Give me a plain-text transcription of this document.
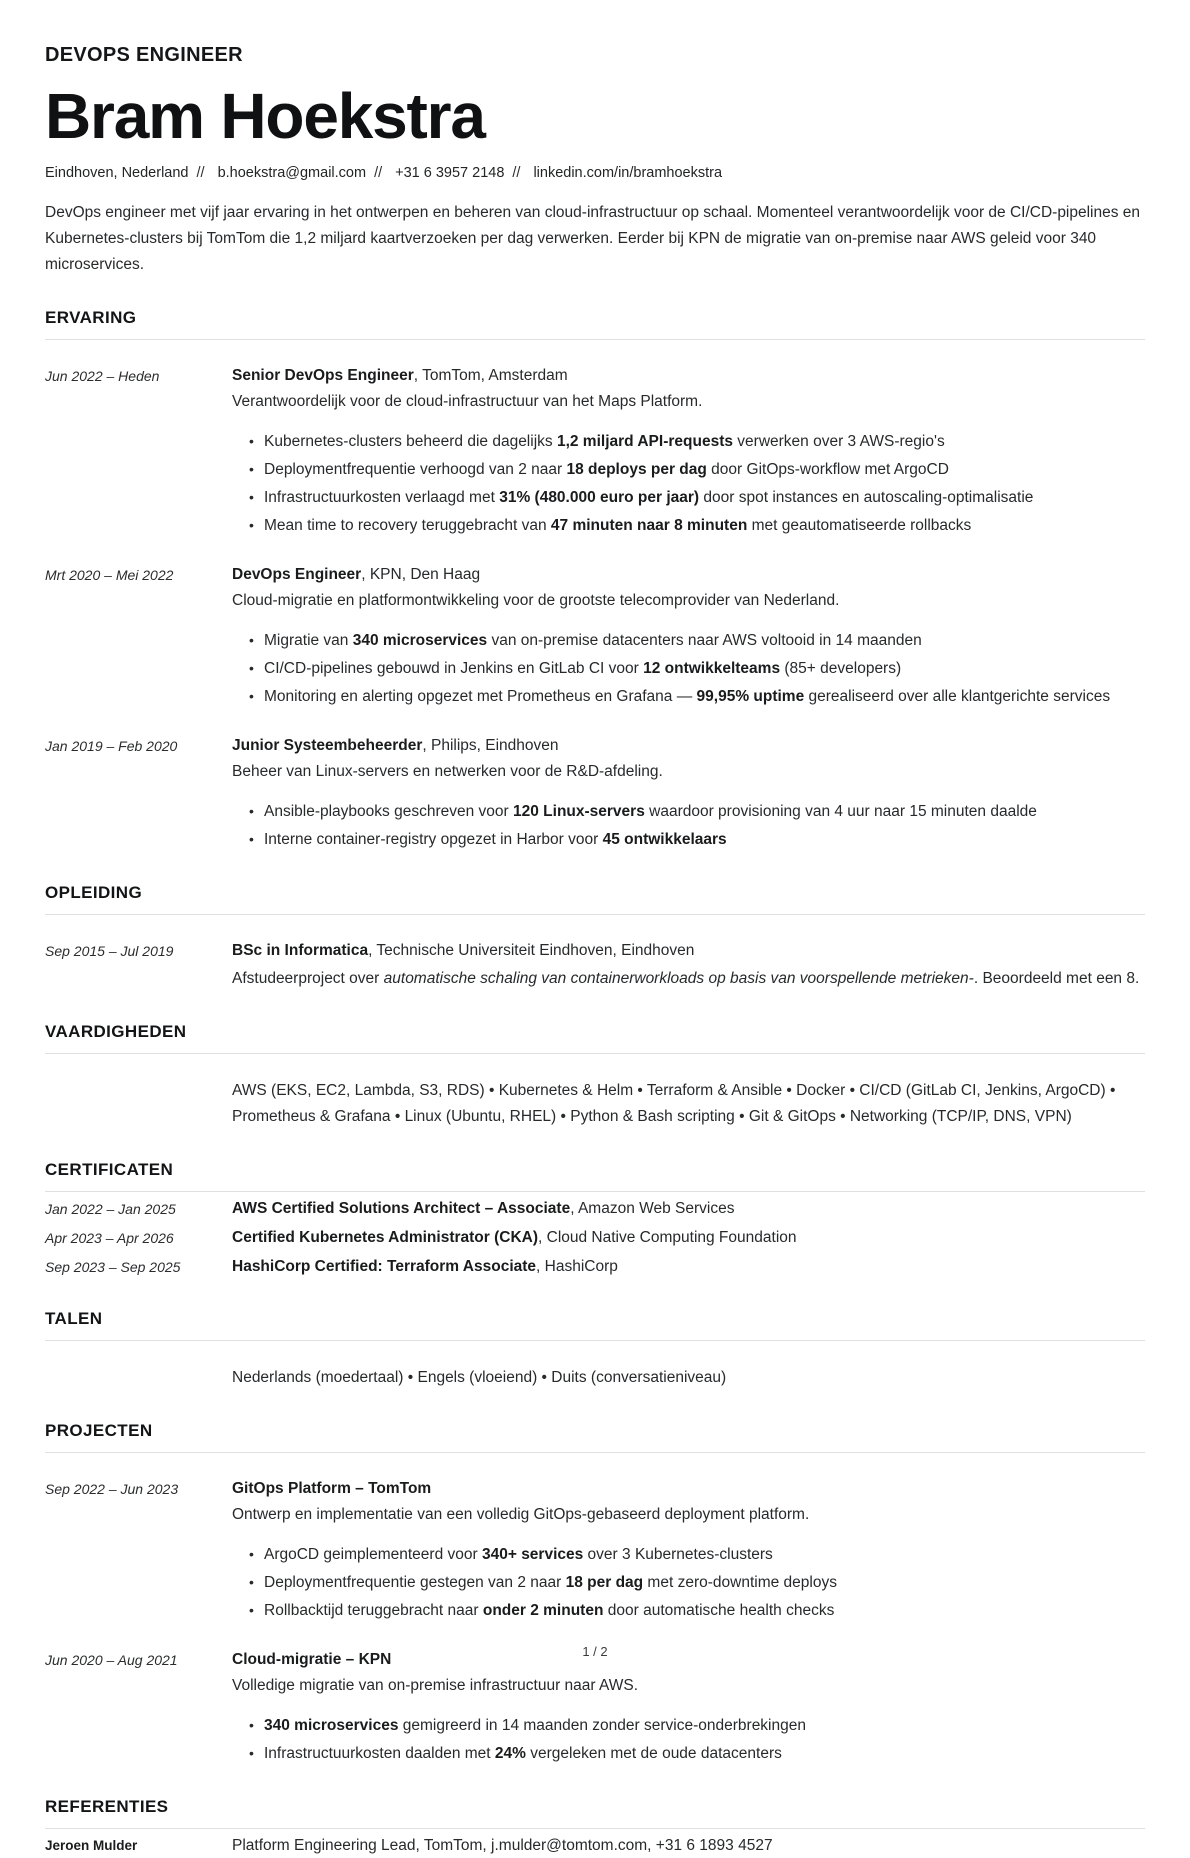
DEVOPS ENGINEER
Bram Hoekstra
Eindhoven, Nederland // b.hoekstra@gmail.com // +31 6 3957 2148 // linkedin.com/in/bramhoekstra

DevOps engineer met vijf jaar ervaring in het ontwerpen en beheren van cloud-infrastructuur op schaal. Momenteel verantwoordelijk voor de CI/CD-pipelines en Kubernetes-clusters bij TomTom die 1,2 miljard kaartverzoeken per dag verwerken. Eerder bij KPN de migratie van on-premise naar AWS geleid voor 340 microservices.

ERVARING
Jun 2022 – Heden	Senior DevOps Engineer, TomTom, Amsterdam

Verantwoordelijk voor de cloud-infrastructuur van het Maps Platform.

• Kubernetes-clusters beheerd die dagelijks 1,2 miljard API-requests verwerken over 3 AWS-regio's
• Deploymentfrequentie verhoogd van 2 naar 18 deploys per dag door GitOps-workflow met ArgoCD
• Infrastructuurkosten verlaagd met 31% (480.000 euro per jaar) door spot instances en autoscaling-optimalisatie
• Mean time to recovery teruggebracht van 47 minuten naar 8 minuten met geautomatiseerde rollbacks
Mrt 2020 – Mei 2022	DevOps Engineer, KPN, Den Haag

Cloud-migratie en platformontwikkeling voor de grootste telecomprovider van Nederland.

• Migratie van 340 microservices van on-premise datacenters naar AWS voltooid in 14 maanden
• CI/CD-pipelines gebouwd in Jenkins en GitLab CI voor 12 ontwikkelteams (85+ developers)
• Monitoring en alerting opgezet met Prometheus en Grafana — 99,95% uptime gerealiseerd over alle klantgerichte services
Jan 2019 – Feb 2020	Junior Systeembeheerder, Philips, Eindhoven

Beheer van Linux-servers en netwerken voor de R&D-afdeling.

• Ansible-playbooks geschreven voor 120 Linux-servers waardoor provisioning van 4 uur naar 15 minuten daalde
• Interne container-registry opgezet in Harbor voor 45 ontwikkelaars
OPLEIDING
Sep 2015 – Jul 2019	BSc in Informatica, Technische Universiteit Eindhoven, Eindhoven

Afstudeerproject over automatische schaling van containerworkloads op basis van voorspellende metrieken-. Beoordeeld met een 8.

VAARDIGHEDEN

AWS (EKS, EC2, Lambda, S3, RDS) • Kubernetes & Helm • Terraform & Ansible • Docker • CI/CD (GitLab CI, Jenkins, ArgoCD) • Prometheus & Grafana • Linux (Ubuntu, RHEL) • Python & Bash scripting • Git & GitOps • Networking (TCP/IP, DNS, VPN)

CERTIFICATEN
Jan 2022 – Jan 2025	AWS Certified Solutions Architect – Associate, Amazon Web Services

Apr 2023 – Apr 2026	Certified Kubernetes Administrator (CKA), Cloud Native Computing Foundation

Sep 2023 – Sep 2025	HashiCorp Certified: Terraform Associate, HashiCorp

TALEN

Nederlands (moedertaal) • Engels (vloeiend) • Duits (conversatieniveau)

PROJECTEN
Sep 2022 – Jun 2023	GitOps Platform – TomTom

Ontwerp en implementatie van een volledig GitOps-gebaseerd deployment platform.

• ArgoCD geimplementeerd voor 340+ services over 3 Kubernetes-clusters
• Deploymentfrequentie gestegen van 2 naar 18 per dag met zero-downtime deploys
• Rollbacktijd teruggebracht naar onder 2 minuten door automatische health checks
Jun 2020 – Aug 2021	Cloud-migratie – KPN

Volledige migratie van on-premise infrastructuur naar AWS.

• 340 microservices gemigreerd in 14 maanden zonder service-onderbrekingen
• Infrastructuurkosten daalden met 24% vergeleken met de oude datacenters
REFERENTIES
Jeroen Mulder	Platform Engineering Lead, TomTom, j.mulder@tomtom.com, +31 6 1893 4527

1 / 2
